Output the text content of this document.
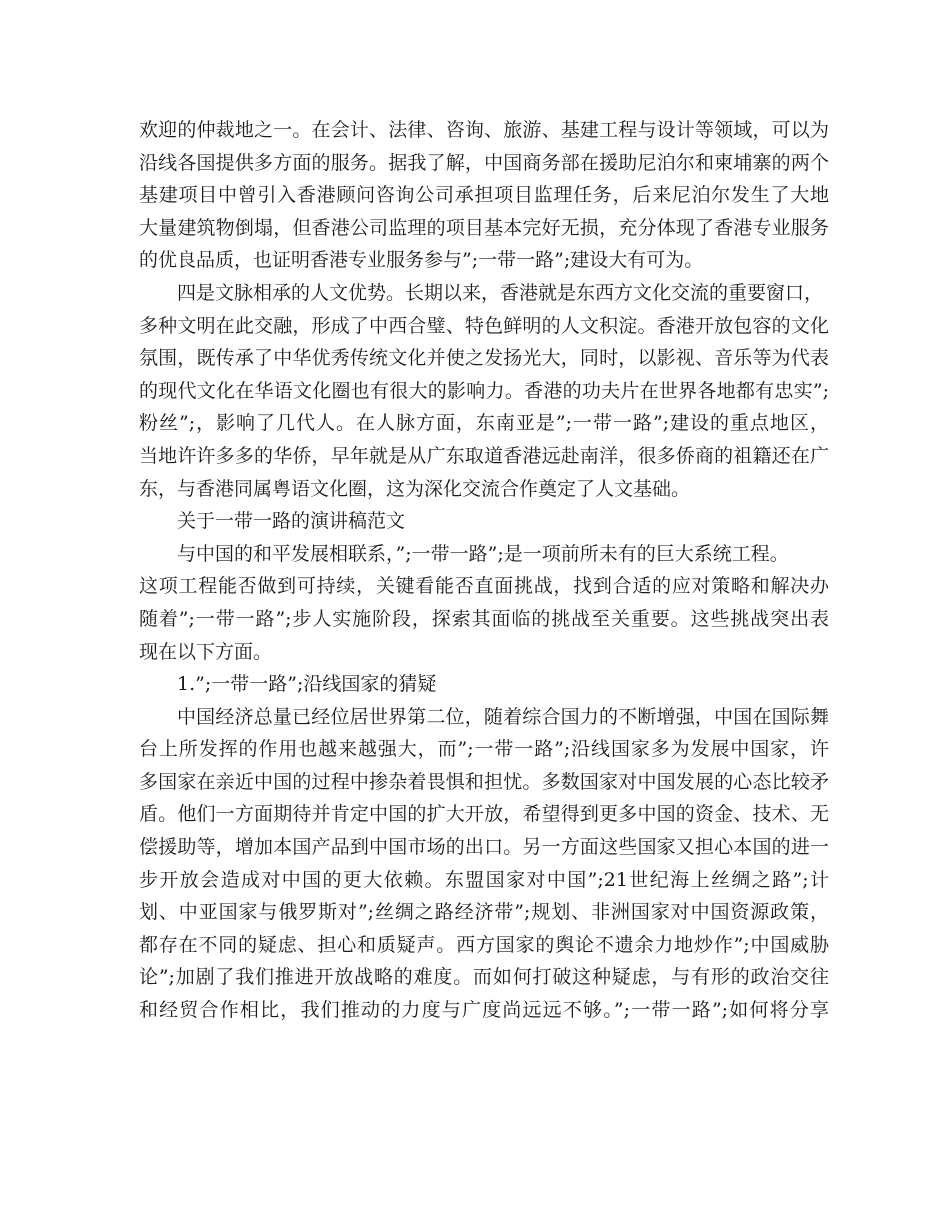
欢迎的仲裁地之一。在会计、法律、咨询、旅游、基建工程与设计等领域，可以为
沿线各国提供多方面的服务。据我了解，中国商务部在援助尼泊尔和柬埔寨的两个
基建项目中曾引入香港顾问咨询公司承担项目监理任务，后来尼泊尔发生了大地
大量建筑物倒塌，但香港公司监理的项目基本完好无损，充分体现了香港专业服务
的优良品质，也证明香港专业服务参与”;一带一路”;建设大有可为。
四是文脉相承的人文优势。长期以来，香港就是东西方文化交流的重要窗口，
多种文明在此交融，形成了中西合璧、特色鲜明的人文积淀。香港开放包容的文化
氛围，既传承了中华优秀传统文化并使之发扬光大，同时，以影视、音乐等为代表
的现代文化在华语文化圈也有很大的影响力。香港的功夫片在世界各地都有忠实”;
粉丝”;，影响了几代人。在人脉方面，东南亚是”;一带一路”;建设的重点地区，
当地许许多多的华侨，早年就是从广东取道香港远赴南洋，很多侨商的祖籍还在广
东，与香港同属粤语文化圈，这为深化交流合作奠定了人文基础。
关于一带一路的演讲稿范文
与中国的和平发展相联系，”;一带一路”;是一项前所未有的巨大系统工程。
这项工程能否做到可持续，关键看能否直面挑战，找到合适的应对策略和解决办
随着”;一带一路”;步人实施阶段，探索其面临的挑战至关重要。这些挑战突出表
现在以下方面。
1.”;一带一路”;沿线国家的猜疑
中国经济总量已经位居世界第二位，随着综合国力的不断增强，中国在国际舞
台上所发挥的作用也越来越强大，而”;一带一路”;沿线国家多为发展中国家，许
多国家在亲近中国的过程中掺杂着畏惧和担忧。多数国家对中国发展的心态比较矛
盾。他们一方面期待并肯定中国的扩大开放，希望得到更多中国的资金、技术、无
偿援助等，增加本国产品到中国市场的出口。另一方面这些国家又担心本国的进一
步开放会造成对中国的更大依赖。东盟国家对中国”;21世纪海上丝绸之路”;计
划、中亚国家与俄罗斯对”;丝绸之路经济带”;规划、非洲国家对中国资源政策，
都存在不同的疑虑、担心和质疑声。西方国家的舆论不遗余力地炒作”;中国威胁
论”;加剧了我们推进开放战略的难度。而如何打破这种疑虑，与有形的政治交往
和经贸合作相比，我们推动的力度与广度尚远远不够。”;一带一路”;如何将分享
